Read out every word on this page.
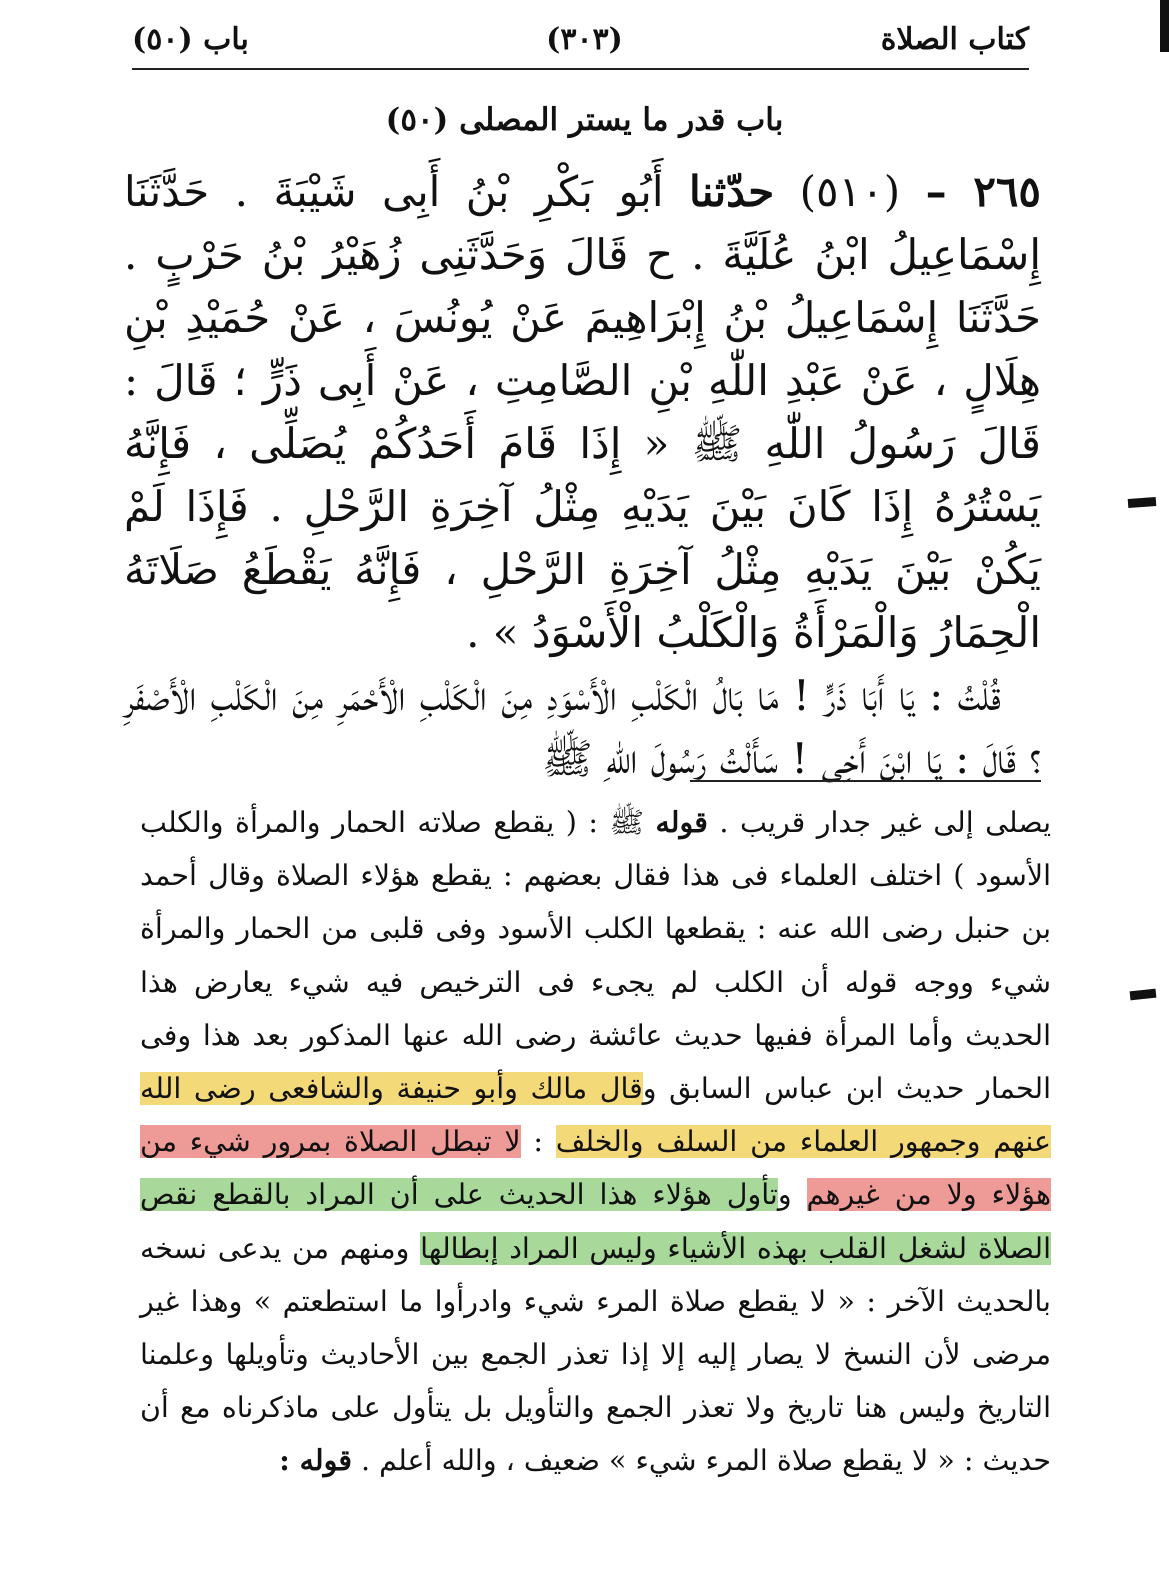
كتاب الصلاة
(٣٠٣)
باب (٥٠)
(٥٠) باب قدر ما يستر المصلى

٢٦٥ – (٥١٠) حدّثنا أَبُو بَكْرِ بْنُ أَبِى شَيْبَةَ . حَدَّثَنَا إِسْمَاعِيلُ ابْنُ عُلَيَّةَ . ح قَالَ وَحَدَّثَنِى زُهَيْرُ بْنُ حَرْبٍ . حَدَّثَنَا إِسْمَاعِيلُ بْنُ إِبْرَاهِيمَ عَنْ يُونُسَ ، عَنْ حُمَيْدِ بْنِ هِلَالٍ ، عَنْ عَبْدِ اللّٰهِ بْنِ الصَّامِتِ ، عَنْ أَبِى ذَرٍّ ؛ قَالَ : قَالَ رَسُولُ اللّٰهِ ﷺ « إِذَا قَامَ أَحَدُكُمْ يُصَلِّى ، فَإِنَّهُ يَسْتُرُهُ إِذَا كَانَ بَيْنَ يَدَيْهِ مِثْلُ آخِرَةِ الرَّحْلِ . فَإِذَا لَمْ يَكُنْ بَيْنَ يَدَيْهِ مِثْلُ آخِرَةِ الرَّحْلِ ، فَإِنَّهُ يَقْطَعُ صَلَاتَهُ الْحِمَارُ وَالْمَرْأَةُ وَالْكَلْبُ الْأَسْوَدُ » .

قُلْتُ : يَا أَبَا ذَرٍّ ! مَا بَالُ الْكَلْبِ الْأَسْوَدِ مِنَ الْكَلْبِ الْأَحْمَرِ مِنَ الْكَلْبِ الْأَصْفَرِ ؟ قَالَ : يَا ابْنَ أَخِى ! سَأَلْتُ رَسُولَ اللّٰهِ ﷺ

يصلى إلى غير جدار قريب . قوله ﷺ : ( يقطع صلاته الحمار والمرأة والكلب الأسود ) اختلف العلماء فى هذا فقال بعضهم : يقطع هؤلاء الصلاة وقال أحمد بن حنبل رضى الله عنه : يقطعها الكلب الأسود وفى قلبى من الحمار والمرأة شيء ووجه قوله أن الكلب لم يجىء فى الترخيص فيه شيء يعارض هذا الحديث وأما المرأة ففيها حديث عائشة رضى الله عنها المذكور بعد هذا وفى الحمار حديث ابن عباس السابق وقال مالك وأبو حنيفة والشافعى رضى الله عنهم وجمهور العلماء من السلف والخلف : لا تبطل الصلاة بمرور شيء من هؤلاء ولا من غيرهم وتأول هؤلاء هذا الحديث على أن المراد بالقطع نقص الصلاة لشغل القلب بهذه الأشياء وليس المراد إبطالها ومنهم من يدعى نسخه بالحديث الآخر : « لا يقطع صلاة المرء شيء وادرأوا ما استطعتم » وهذا غير مرضى لأن النسخ لا يصار إليه إلا إذا تعذر الجمع بين الأحاديث وتأويلها وعلمنا التاريخ وليس هنا تاريخ ولا تعذر الجمع والتأويل بل يتأول على ماذكرناه مع أن حديث : « لا يقطع صلاة المرء شيء » ضعيف ، والله أعلم . قوله :
